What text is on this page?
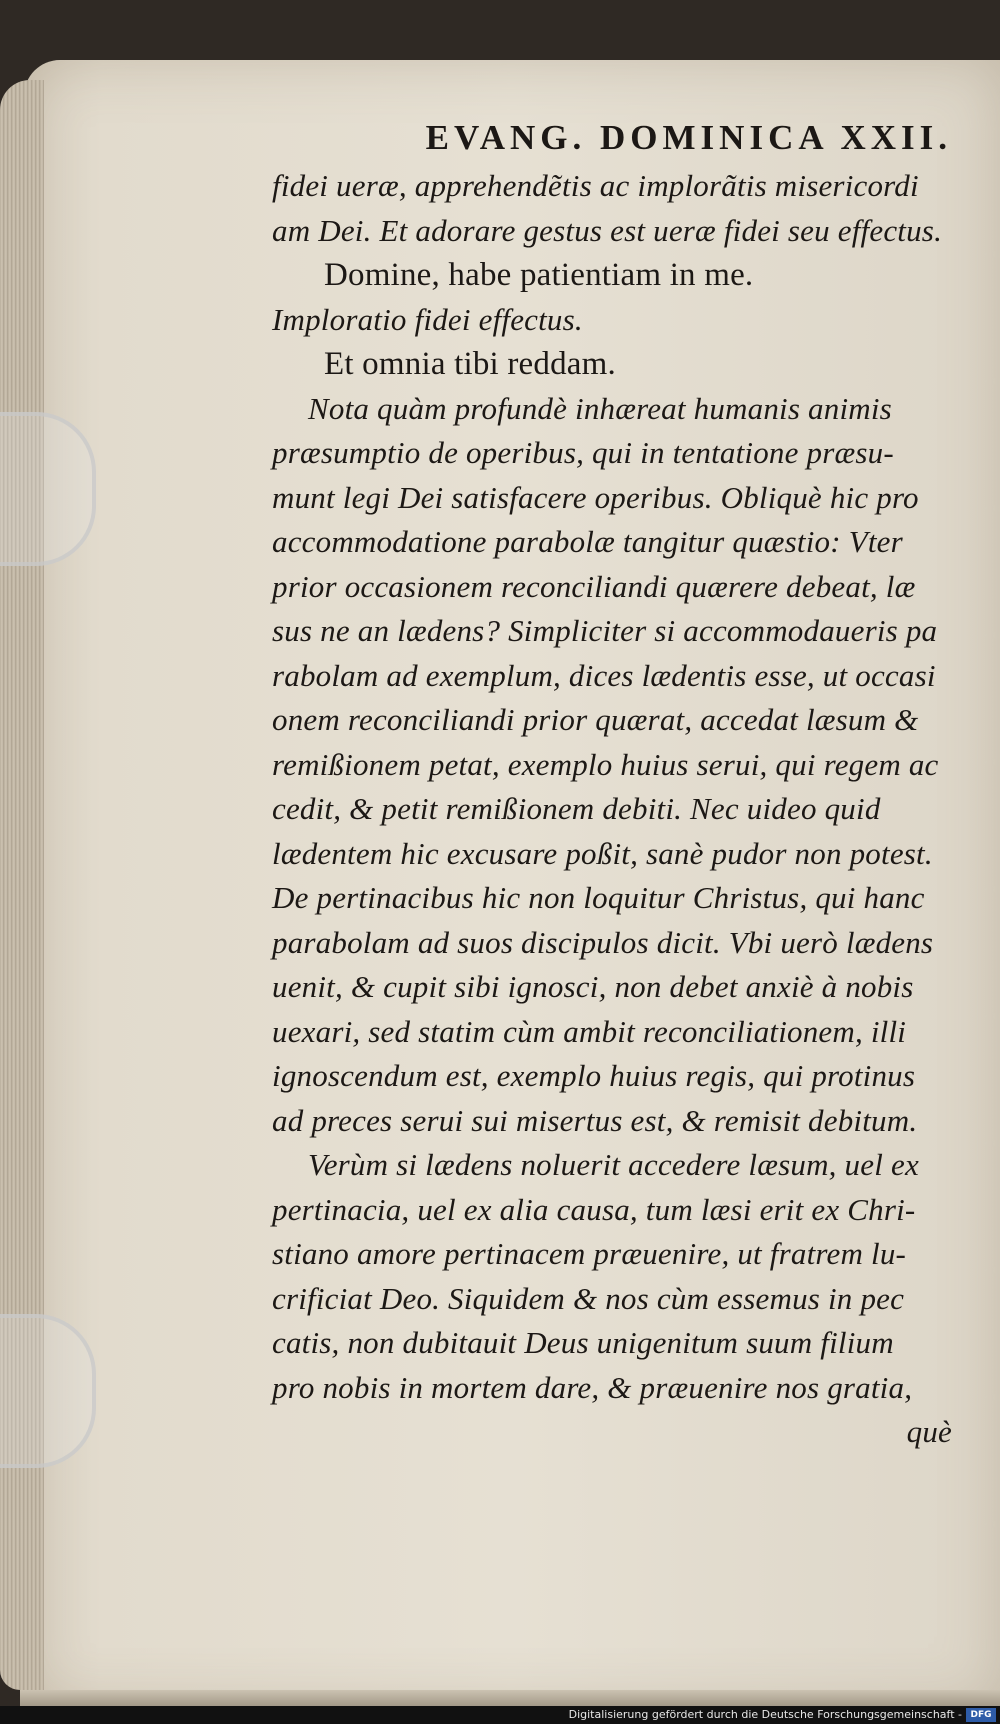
EVANG. DOMINICA XXII.
fidei ueræ, apprehendẽtis ac implorãtis misericordi
am Dei. Et adorare gestus est ueræ fidei seu effectus.
Domine, habe patientiam in me.
Imploratio fidei effectus.
Et omnia tibi reddam.
Nota quàm profundè inhæreat humanis animis
præsumptio de operibus, qui in tentatione præsu-
munt legi Dei satisfacere operibus. Obliquè hic pro
accommodatione parabolæ tangitur quæstio: Vter
prior occasionem reconciliandi quærere debeat, læ
sus ne an lædens? Simpliciter si accommodaueris pa
rabolam ad exemplum, dices lædentis esse, ut occasi
onem reconciliandi prior quærat, accedat læsum &
remißionem petat, exemplo huius serui, qui regem ac
cedit, & petit remißionem debiti. Nec uideo quid
lædentem hic excusare poßit, sanè pudor non potest.
De pertinacibus hic non loquitur Christus, qui hanc
parabolam ad suos discipulos dicit. Vbi uerò lædens
uenit, & cupit sibi ignosci, non debet anxiè à nobis
uexari, sed statim cùm ambit reconciliationem, illi
ignoscendum est, exemplo huius regis, qui protinus
ad preces serui sui misertus est, & remisit debitum.
Verùm si lædens noluerit accedere læsum, uel ex
pertinacia, uel ex alia causa, tum læsi erit ex Chri-
stiano amore pertinacem præuenire, ut fratrem lu-
crificiat Deo. Siquidem & nos cùm essemus in pec
catis, non dubitauit Deus unigenitum suum filium
pro nobis in mortem dare, & præuenire nos gratia,
què
Digitalisierung gefördert durch die Deutsche Forschungsgemeinschaft - DFG
